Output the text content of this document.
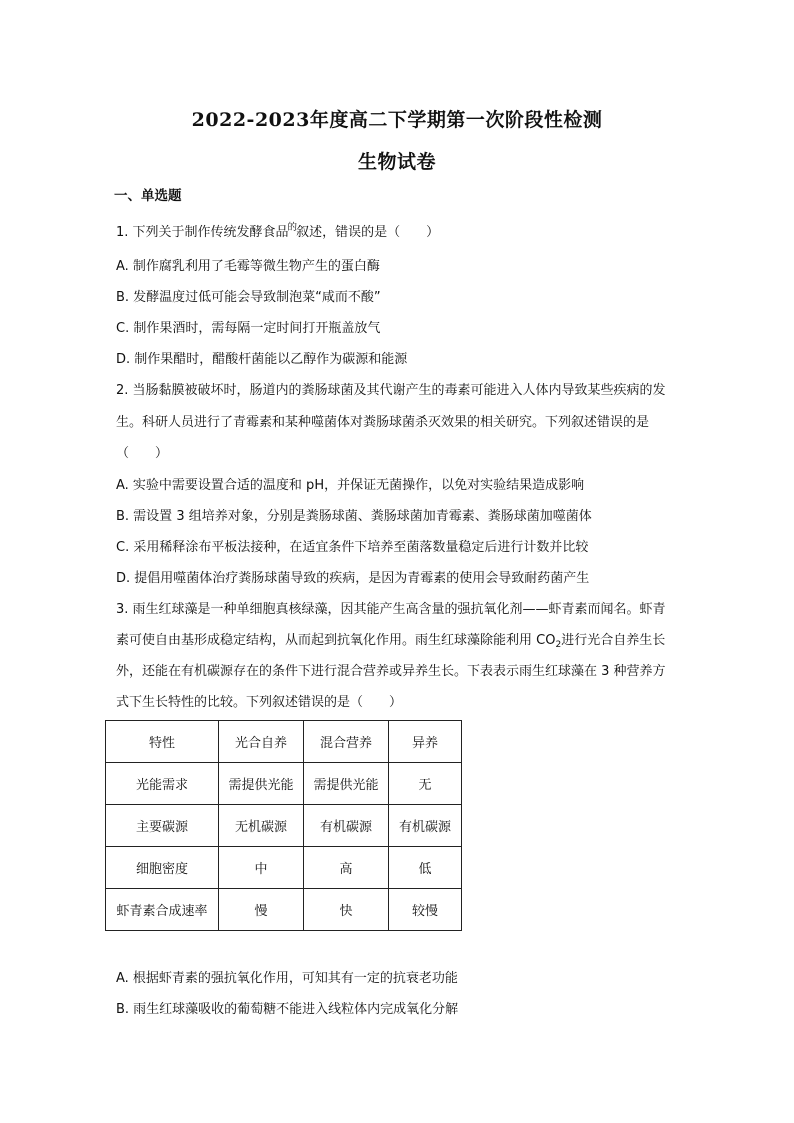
2022-2023年度高二下学期第一次阶段性检测
生物试卷
一、单选题
1. 下列关于制作传统发酵食品$^的$叙述，错误的是（　　）
A. 制作腐乳利用了毛霉等微生物产生的蛋白酶
B. 发酵温度过低可能会导致制泡菜“咸而不酸”
C. 制作果酒时，需每隔一定时间打开瓶盖放气
D. 制作果醋时，醋酸杆菌能以乙醇作为碳源和能源
2. 当肠黏膜被破坏时，肠道内的粪肠球菌及其代谢产生的毒素可能进入人体内导致某些疾病的发
生。科研人员进行了青霉素和某种噬菌体对粪肠球菌杀灭效果的相关研究。下列叙述错误的是
（　　）
A. 实验中需要设置合适的温度和 pH，并保证无菌操作，以免对实验结果造成影响
B. 需设置 3 组培养对象，分别是粪肠球菌、粪肠球菌加青霉素、粪肠球菌加噬菌体
C. 采用稀释涂布平板法接种，在适宜条件下培养至菌落数量稳定后进行计数并比较
D. 提倡用噬菌体治疗粪肠球菌导致的疾病，是因为青霉素的使用会导致耐药菌产生
3. 雨生红球藻是一种单细胞真核绿藻，因其能产生高含量的强抗氧化剂——虾青素而闻名。虾青
素可使自由基形成稳定结构，从而起到抗氧化作用。雨生红球藻除能利用 $CO_2$进行光合自养生长
外，还能在有机碳源存在的条件下进行混合营养或异养生长。下表表示雨生红球藻在 3 种营养方
式下生长特性的比较。下列叙述错误的是（　　）
特性	光合自养	混合营养	异养
光能需求	需提供光能	需提供光能	无
主要碳源	无机碳源	有机碳源	有机碳源
细胞密度	中	高	低
虾青素合成速率	慢	快	较慢
A. 根据虾青素的强抗氧化作用，可知其有一定的抗衰老功能
B. 雨生红球藻吸收的葡萄糖不能进入线粒体内完成氧化分解
